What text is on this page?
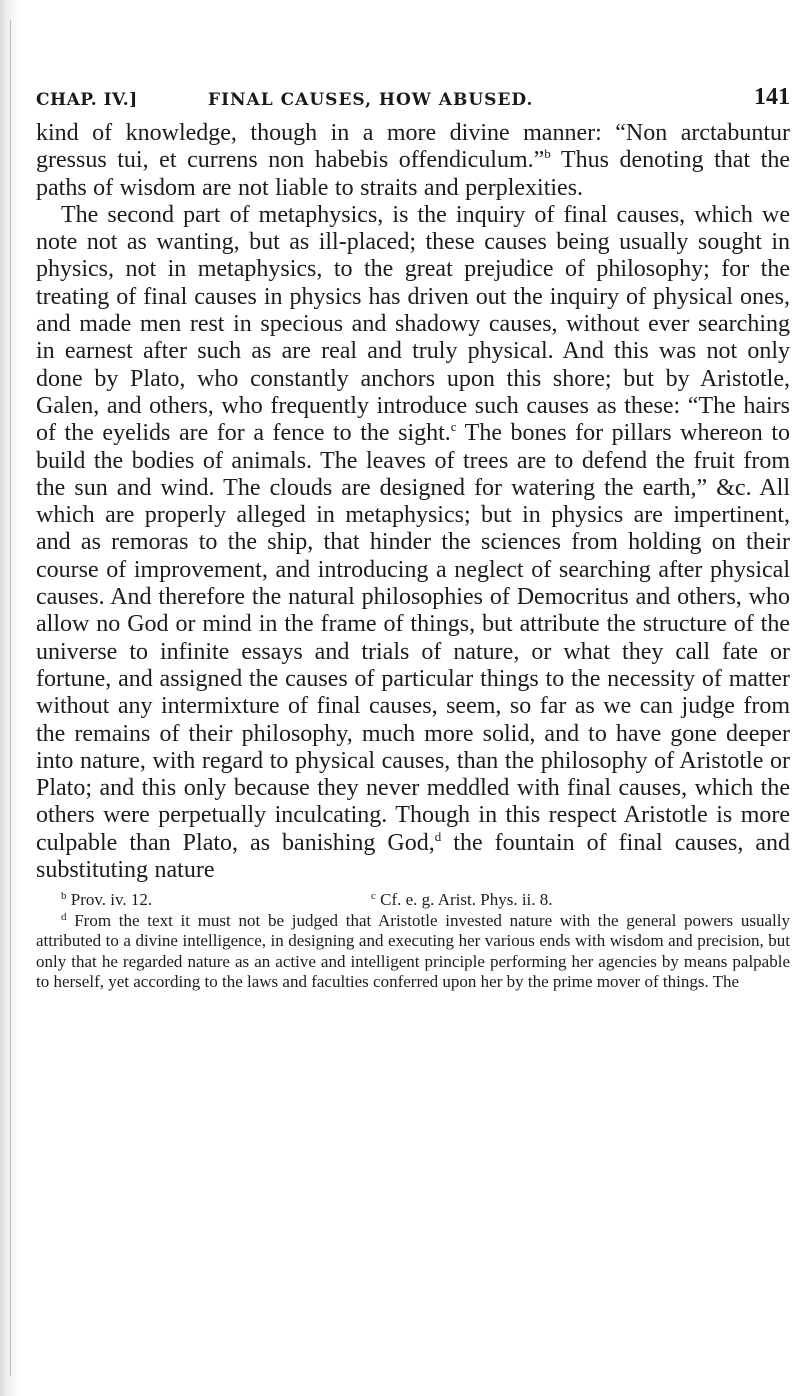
CHAP. IV.]	FINAL CAUSES, HOW ABUSED.	141

kind of knowledge, though in a more divine manner: “Non arctabuntur gressus tui, et currens non habebis offendiculum.”$^b$ Thus denoting that the paths of wisdom are not liable to straits and perplexities.

The second part of metaphysics, is the inquiry of final causes, which we note not as wanting, but as ill-placed; these causes being usually sought in physics, not in metaphysics, to the great prejudice of philosophy; for the treating of final causes in physics has driven out the inquiry of physical ones, and made men rest in specious and shadowy causes, without ever searching in earnest after such as are real and truly physical. And this was not only done by Plato, who constantly anchors upon this shore; but by Aristotle, Galen, and others, who frequently introduce such causes as these: “The hairs of the eyelids are for a fence to the sight.$^c$ The bones for pillars whereon to build the bodies of animals. The leaves of trees are to defend the fruit from the sun and wind. The clouds are designed for watering the earth,” &c. All which are properly alleged in metaphysics; but in physics are impertinent, and as remoras to the ship, that hinder the sciences from holding on their course of improvement, and introducing a neglect of searching after physical causes. And therefore the natural philosophies of Democritus and others, who allow no God or mind in the frame of things, but attribute the structure of the universe to infinite essays and trials of nature, or what they call fate or fortune, and assigned the causes of particular things to the necessity of matter without any intermixture of final causes, seem, so far as we can judge from the remains of their philosophy, much more solid, and to have gone deeper into nature, with regard to physical causes, than the philosophy of Aristotle or Plato; and this only because they never meddled with final causes, which the others were perpetually inculcating. Though in this respect Aristotle is more culpable than Plato, as banishing God,$^d$ the fountain of final causes, and substituting nature

$^b$ Prov. iv. 12.	$^c$ Cf. e. g. Arist. Phys. ii. 8.

$^d$ From the text it must not be judged that Aristotle invested nature with the general powers usually attributed to a divine intelligence, in designing and executing her various ends with wisdom and precision, but only that he regarded nature as an active and intelligent principle performing her agencies by means palpable to herself, yet according to the laws and faculties conferred upon her by the prime mover of things. The
